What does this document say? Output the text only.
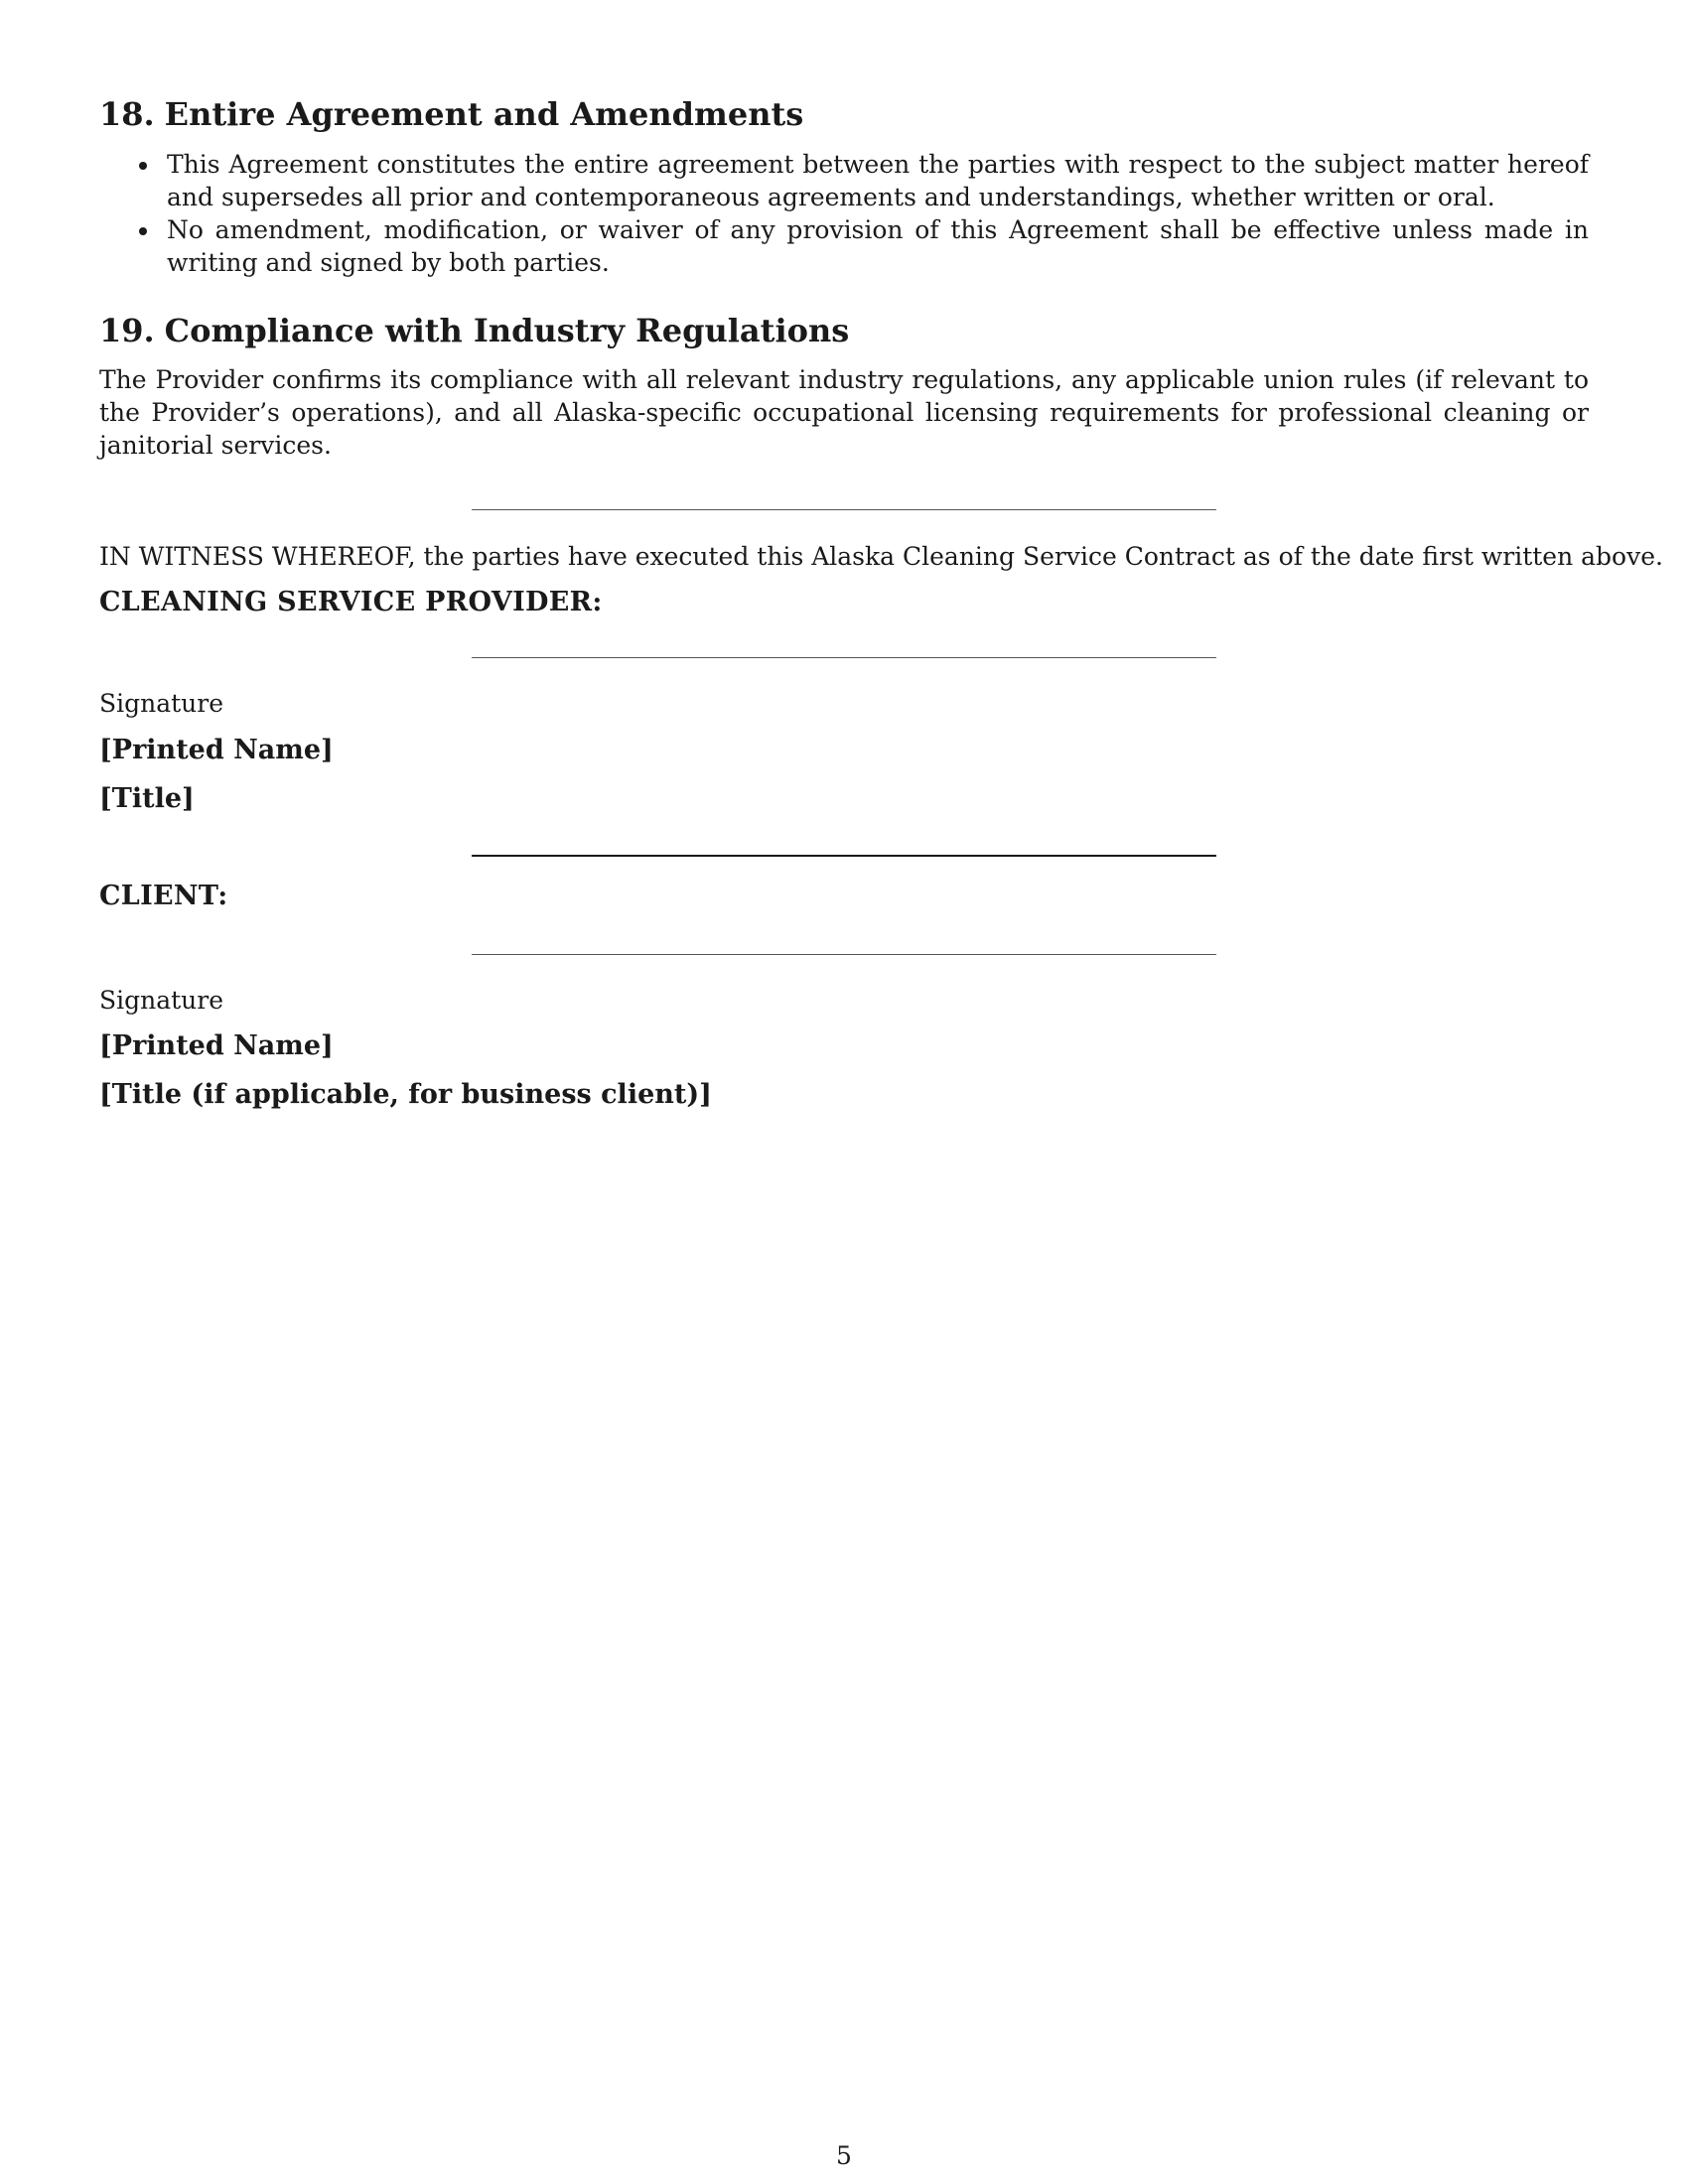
18. Entire Agreement and Amendments
This Agreement constitutes the entire agreement between the parties with respect to the subject matter hereof and supersedes all prior and contemporaneous agreements and understandings, whether written or oral.
No amendment, modification, or waiver of any provision of this Agreement shall be effective unless made in writing and signed by both parties.
19. Compliance with Industry Regulations

The Provider confirms its compliance with all relevant industry regulations, any applicable union rules (if relevant to the Provider’s operations), and all Alaska-specific occupational licensing requirements for professional cleaning or janitorial services.

IN WITNESS WHEREOF, the parties have executed this Alaska Cleaning Service Contract as of the date first written above.
CLEANING SERVICE PROVIDER:
Signature
[Printed Name]
[Title]
CLIENT:
Signature
[Printed Name]
[Title (if applicable, for business client)]
5
